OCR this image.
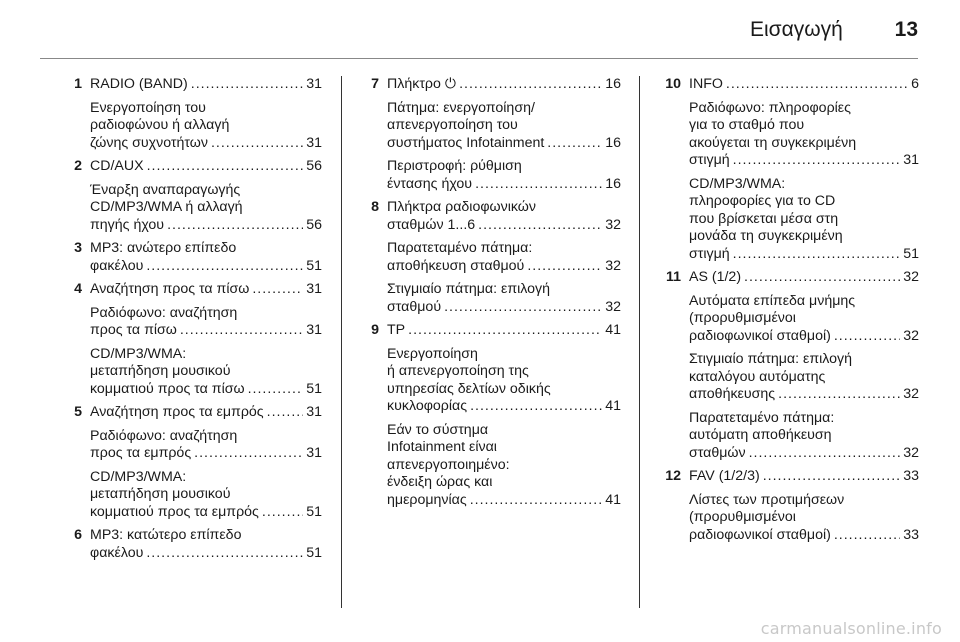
Εισαγωγή 13
1 RADIO (BAND) .....	31
Ενεργοποίηση του
ραδιοφώνου ή αλλαγή
ζώνης συχνοτήτων .....	31
2 CD/AUX .....	56
Έναρξη αναπαραγωγής
CD/MP3/WMA ή αλλαγή
πηγής ήχου .....	56
3 MP3: ανώτερο επίπεδο
φακέλου .....	51
4 Αναζήτηση προς τα πίσω .....	31
Ραδιόφωνο: αναζήτηση
προς τα πίσω .....	31
CD/MP3/WMA:
μεταπήδηση μουσικού
κομματιού προς τα πίσω .....	51
5 Αναζήτηση προς τα εμπρός .....	31
Ραδιόφωνο: αναζήτηση
προς τα εμπρός .....	31
CD/MP3/WMA:
μεταπήδηση μουσικού
κομματιού προς τα εμπρός .....	51
6 MP3: κατώτερο επίπεδο
φακέλου .....	51
7 Πλήκτρο ⏻ .....	16
Πάτημα: ενεργοποίηση/
απενεργοποίηση του
συστήματος Infotainment .....	16
Περιστροφή: ρύθμιση
έντασης ήχου .....	16
8 Πλήκτρα ραδιοφωνικών
σταθμών 1...6 .....	32
Παρατεταμένο πάτημα:
αποθήκευση σταθμού .....	32
Στιγμιαίο πάτημα: επιλογή
σταθμού .....	32
9 TP .....	41
Ενεργοποίηση
ή απενεργοποίηση της
υπηρεσίας δελτίων οδικής
κυκλοφορίας .....	41
Εάν το σύστημα
Infotainment είναι
απενεργοποιημένο:
ένδειξη ώρας και
ημερομηνίας .....	41
10 INFO .....	6
Ραδιόφωνο: πληροφορίες
για το σταθμό που
ακούγεται τη συγκεκριμένη
στιγμή .....	31
CD/MP3/WMA:
πληροφορίες για το CD
που βρίσκεται μέσα στη
μονάδα τη συγκεκριμένη
στιγμή .....	51
11 AS (1/2) .....	32
Αυτόματα επίπεδα μνήμης
(προρυθμισμένοι
ραδιοφωνικοί σταθμοί) .....	32
Στιγμιαίο πάτημα: επιλογή
καταλόγου αυτόματης
αποθήκευσης .....	32
Παρατεταμένο πάτημα:
αυτόματη αποθήκευση
σταθμών .....	32
12 FAV (1/2/3) .....	33
Λίστες των προτιμήσεων
(προρυθμισμένοι
ραδιοφωνικοί σταθμοί) .....	33
carmanualsonline.info
